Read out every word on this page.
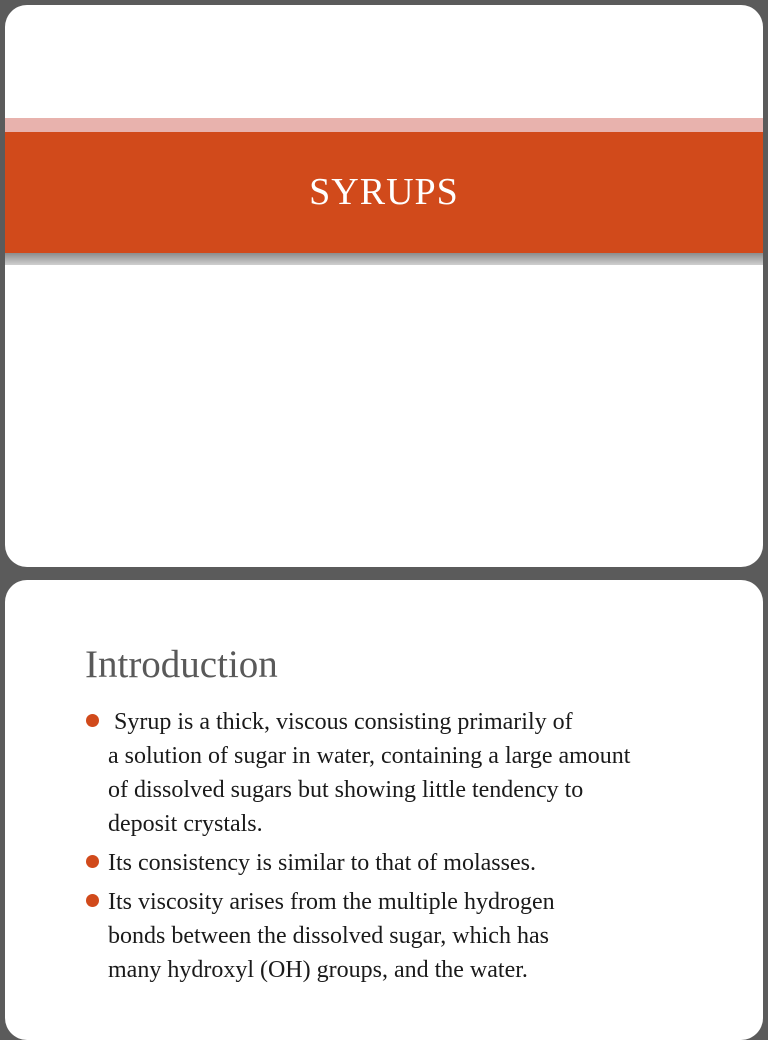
SYRUPS
Introduction
Syrup is a thick, viscous consisting primarily of
a solution of sugar in water, containing a large amount
of dissolved sugars but showing little tendency to
deposit crystals.
Its consistency is similar to that of molasses.
Its viscosity arises from the multiple hydrogen
bonds between the dissolved sugar, which has
many hydroxyl (OH) groups, and the water.
